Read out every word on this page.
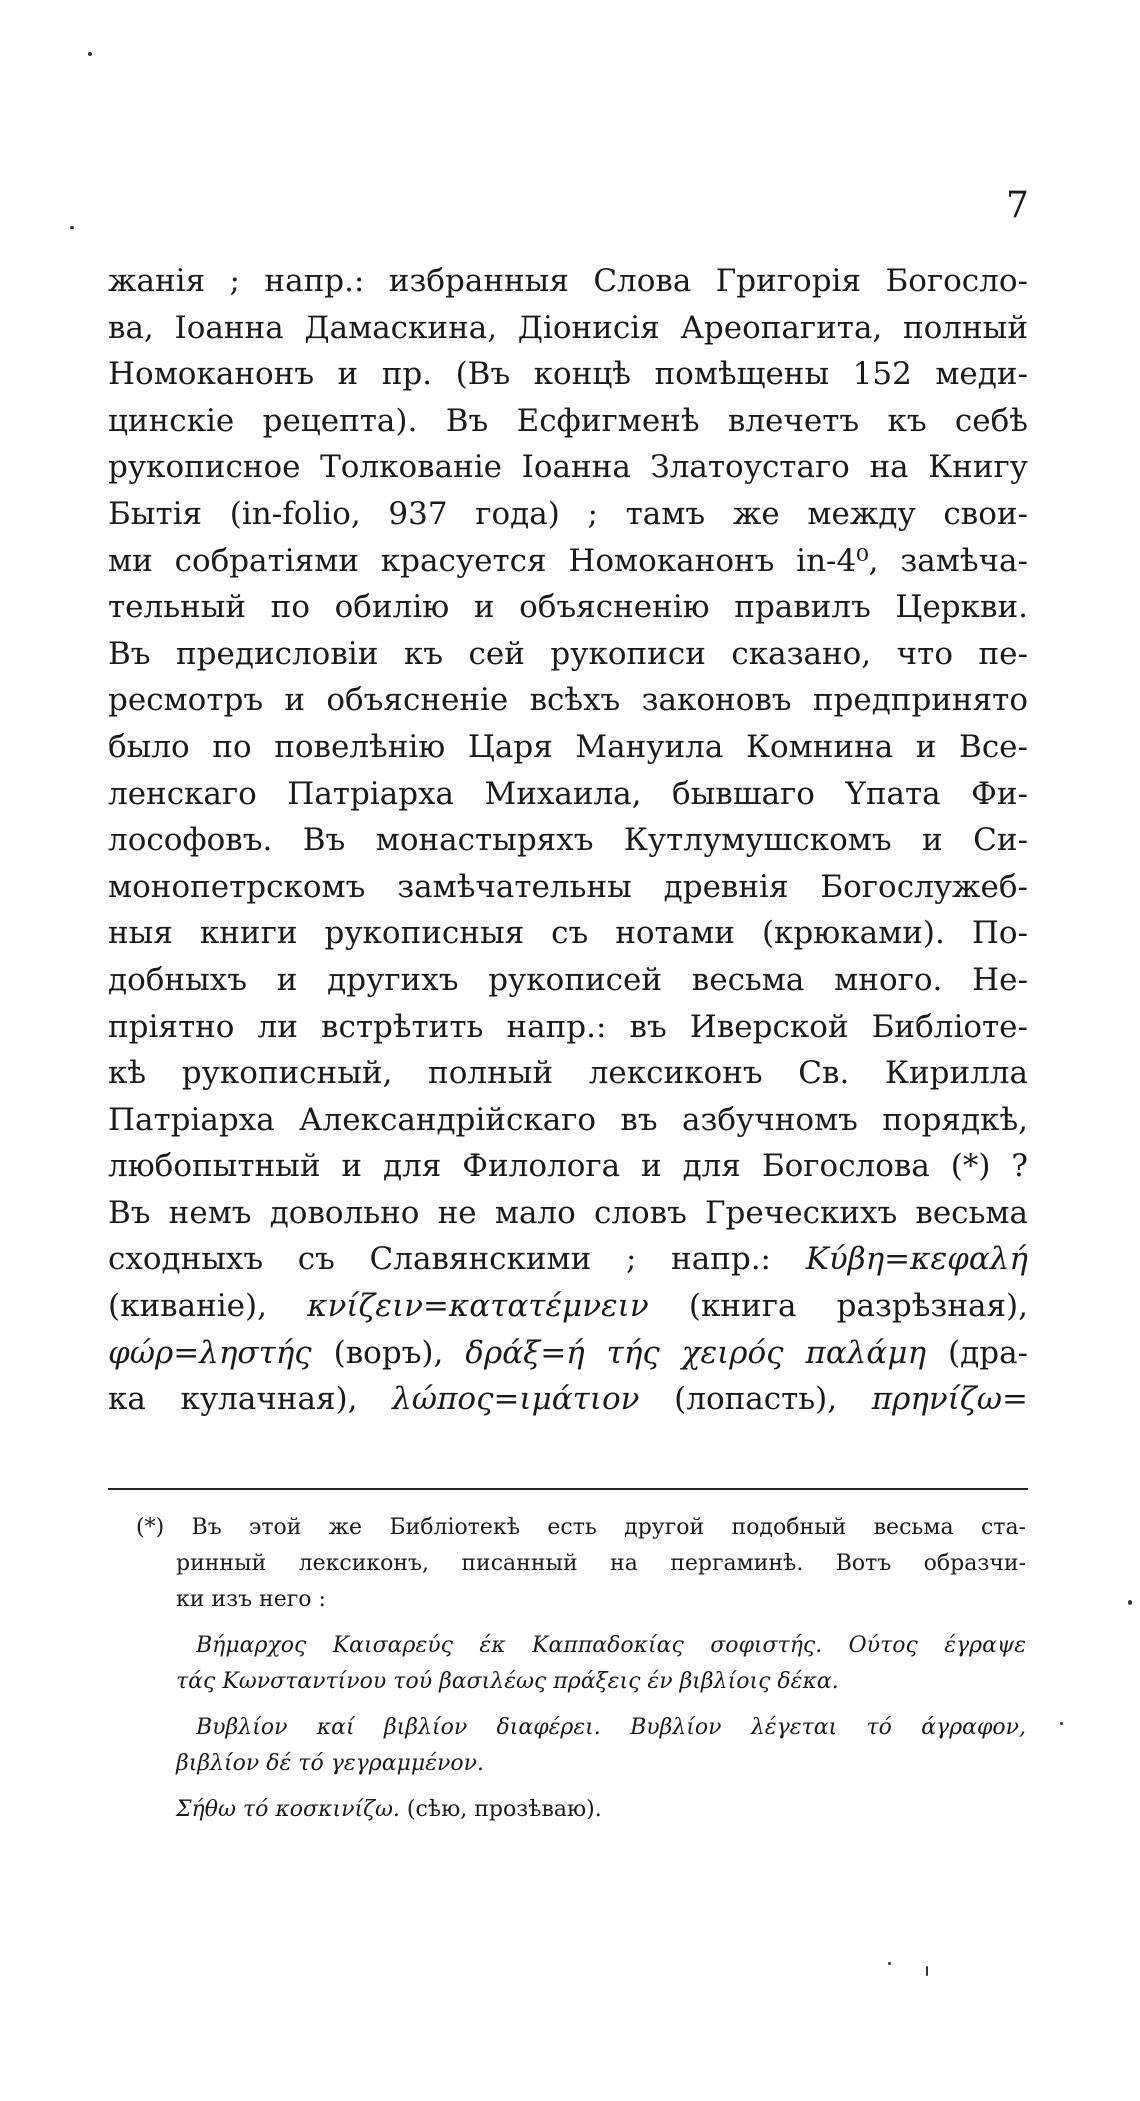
7
жанія ; напр.: избранныя Слова Григорія Богосло-
ва, Іоанна Дамаскина, Діонисія Ареопагита, полный
Номоканонъ и пр. (Въ концѣ помѣщены 152 меди-
цинскіе рецепта). Въ Есфигменѣ влечетъ къ себѣ
рукописное Толкованіе Іоанна Златоустаго на Книгу
Бытія (in-folio, 937 года) ; тамъ же между свои-
ми собратіями красуется Номоканонъ in-4⁰, замѣча-
тельный по обилію и объясненію правилъ Церкви.
Въ предисловіи къ сей рукописи сказано, что пе-
ресмотръ и объясненіе всѣхъ законовъ предпринято
было по повелѣнію Царя Мануила Комнина и Все-
ленскаго Патріарха Михаила, бывшаго Үпата Фи-
лософовъ. Въ монастыряхъ Кутлумушскомъ и Си-
монопетрскомъ замѣчательны древнія Богослужеб-
ныя книги рукописныя съ нотами (крюками). По-
добныхъ и другихъ рукописей весьма много. Не-
пріятно ли встрѣтить напр.: въ Иверской Библіоте-
кѣ рукописный, полный лексиконъ Св. Кирилла
Патріарха Александрійскаго въ азбучномъ порядкѣ,
любопытный и для Филолога и для Богослова (*) ?
Въ немъ довольно не мало словъ Греческихъ весьма
сходныхъ съ Славянскими ; напр.: Κύβη=κεφαλή
(киваніе), κνίζειν=κατατέμνειν (книга разрѣзная),
φώρ=ληστής (воръ), δράξ=ή τής χειρός παλάμη (дра-
ка кулачная), λώπος=ιμάτιον (лопасть), πρηνίζω=
(*) Въ этой же Библіотекѣ есть другой подобный весьма ста-
ринный лексиконъ, писанный на пергаминѣ. Вотъ образчи-
ки изъ него :
Βήμαρχος Καισαρεύς έκ Καππαδοκίας σοφιστής. Ούτος έγραψε
τάς Κωνσταντίνου τού βασιλέως πράξεις έν βιβλίοις δέκα.
Βυβλίον καί βιβλίον διαφέρει. Βυβλίον λέγεται τό άγραφον,
βιβλίον δέ τό γεγραμμένον.
Σήθω τό κοσκινίζω. (сѣю, прозѣваю).
